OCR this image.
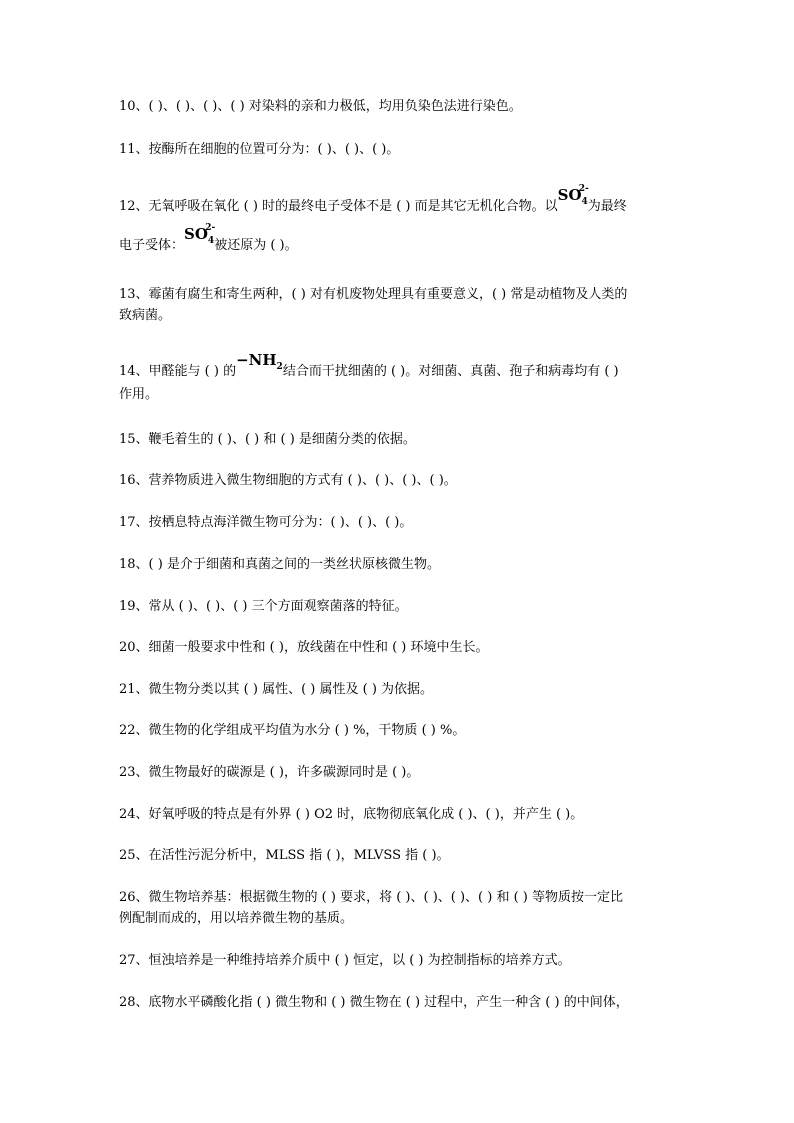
10、( )、( )、( )、( ) 对染料的亲和力极低，均用负染色法进行染色。
11、按酶所在细胞的位置可分为：( )、( )、( )。
12、无氧呼吸在氧化 ( ) 时的最终电子受体不是 ( ) 而是其它无机化合物。以$SO_4$
2-
为最终
电子受体：$SO_4$
2-
被还原为 ( )。
13、霉菌有腐生和寄生两种，( ) 对有机废物处理具有重要意义，( ) 常是动植物及人类的
致病菌。
14、甲醛能与 ( ) 的$-NH_2$结合而干扰细菌的 ( )。对细菌、真菌、孢子和病毒均有 ( )
作用。
15、鞭毛着生的 ( )、( ) 和 ( ) 是细菌分类的依据。
16、营养物质进入微生物细胞的方式有 ( )、( )、( )、( )。
17、按栖息特点海洋微生物可分为：( )、( )、( )。
18、( ) 是介于细菌和真菌之间的一类丝状原核微生物。
19、常从 ( )、( )、( ) 三个方面观察菌落的特征。
20、细菌一般要求中性和 ( )，放线菌在中性和 ( ) 环境中生长。
21、微生物分类以其 ( ) 属性、( ) 属性及 ( ) 为依据。
22、微生物的化学组成平均值为水分 ( ) %，干物质 ( ) %。
23、微生物最好的碳源是 ( )，许多碳源同时是 ( )。
24、好氧呼吸的特点是有外界 ( ) O2 时，底物彻底氧化成 ( )、( )，并产生 ( )。
25、在活性污泥分析中，MLSS 指 ( )，MLVSS 指 ( )。
26、微生物培养基：根据微生物的 ( ) 要求，将 ( )、( )、( )、( ) 和 ( ) 等物质按一定比
例配制而成的，用以培养微生物的基质。
27、恒浊培养是一种维持培养介质中 ( ) 恒定，以 ( ) 为控制指标的培养方式。
28、底物水平磷酸化指 ( ) 微生物和 ( ) 微生物在 ( ) 过程中，产生一种含 ( ) 的中间体，
